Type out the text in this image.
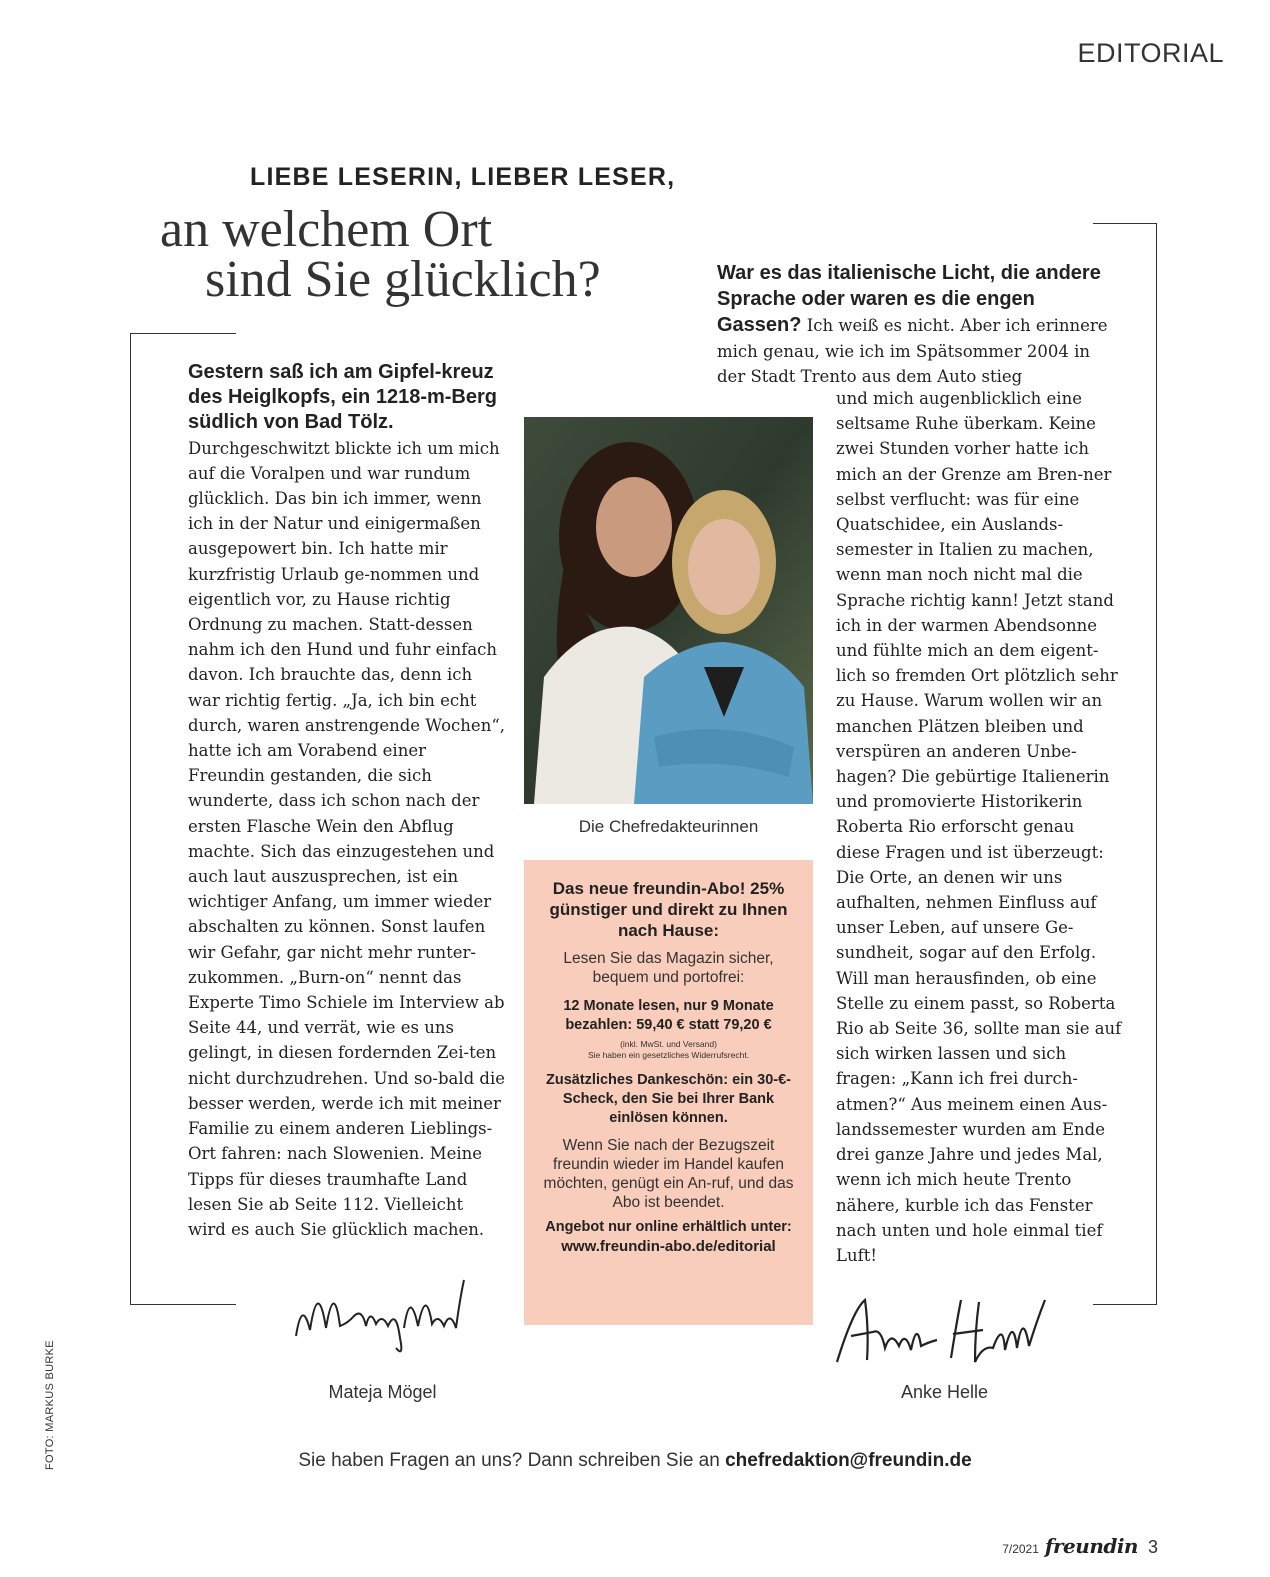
EDITORIAL
LIEBE LESERIN, LIEBER LESER,
an welchem Ort
sind Sie glücklich?
Gestern saß ich am Gipfel-kreuz des Heiglkopfs, ein 1218-m-Berg südlich von Bad Tölz. Durchgeschwitzt blickte ich um mich auf die Voralpen und war rundum glücklich. Das bin ich immer, wenn ich in der Natur und einigermaßen ausgepowert bin. Ich hatte mir kurzfristig Urlaub ge-nommen und eigentlich vor, zu Hause richtig Ordnung zu machen. Statt-dessen nahm ich den Hund und fuhr einfach davon. Ich brauchte das, denn ich war richtig fertig. „Ja, ich bin echt durch, waren anstrengende Wochen“, hatte ich am Vorabend einer Freundin gestanden, die sich wunderte, dass ich schon nach der ersten Flasche Wein den Abflug machte. Sich das einzugestehen und auch laut auszusprechen, ist ein wichtiger Anfang, um immer wieder abschalten zu können. Sonst laufen wir Gefahr, gar nicht mehr runter-zukommen. „Burn-on“ nennt das Experte Timo Schiele im Interview ab Seite 44, und verrät, wie es uns gelingt, in diesen fordernden Zei-ten nicht durchzudrehen. Und so-bald die besser werden, werde ich mit meiner Familie zu einem anderen Lieblings-Ort fahren: nach Slowenien. Meine Tipps für dieses traumhafte Land lesen Sie ab Seite 112. Vielleicht wird es auch Sie glücklich machen.
War es das italienische Licht, die andere Sprache oder waren es die engen Gassen? Ich weiß es nicht. Aber ich erinnere mich genau, wie ich im Spätsommer 2004 in der Stadt Trento aus dem Auto stieg
und mich augenblicklich eine seltsame Ruhe überkam. Keine zwei Stunden vorher hatte ich mich an der Grenze am Bren-ner selbst verflucht: was für eine Quatschidee, ein Auslands-semester in Italien zu machen, wenn man noch nicht mal die Sprache richtig kann! Jetzt stand ich in der warmen Abendsonne und fühlte mich an dem eigent-lich so fremden Ort plötzlich sehr zu Hause. Warum wollen wir an manchen Plätzen bleiben und verspüren an anderen Unbe-hagen? Die gebürtige Italienerin und promovierte Historikerin Roberta Rio erforscht genau diese Fragen und ist überzeugt: Die Orte, an denen wir uns aufhalten, nehmen Einfluss auf unser Leben, auf unsere Ge-sundheit, sogar auf den Erfolg. Will man herausfinden, ob eine Stelle zu einem passt, so Roberta Rio ab Seite 36, sollte man sie auf sich wirken lassen und sich fragen: „Kann ich frei durch-atmen?“ Aus meinem einen Aus-landssemester wurden am Ende drei ganze Jahre und jedes Mal, wenn ich mich heute Trento nähere, kurble ich das Fenster nach unten und hole einmal tief Luft!
Die Chefredakteurinnen

Das neue freundin-Abo! 25% günstiger und direkt zu Ihnen nach Hause:

Lesen Sie das Magazin sicher, bequem und portofrei:

12 Monate lesen, nur 9 Monate bezahlen: 59,40 € statt 79,20 €

(inkl. MwSt. und Versand)

Sie haben ein gesetzliches Widerrufsrecht.

Zusätzliches Dankeschön: ein 30-€-Scheck, den Sie bei Ihrer Bank einlösen können.

Wenn Sie nach der Bezugszeit freundin wieder im Handel kaufen möchten, genügt ein An-ruf, und das Abo ist beendet.

Angebot nur online erhältlich unter:

www.freundin-abo.de/editorial

Mateja Mögel	Anke Helle
FOTO: MARKUS BURKE	Sie haben Fragen an uns? Dann schreiben Sie an chefredaktion@freundin.de
7/2021 freundin 3
